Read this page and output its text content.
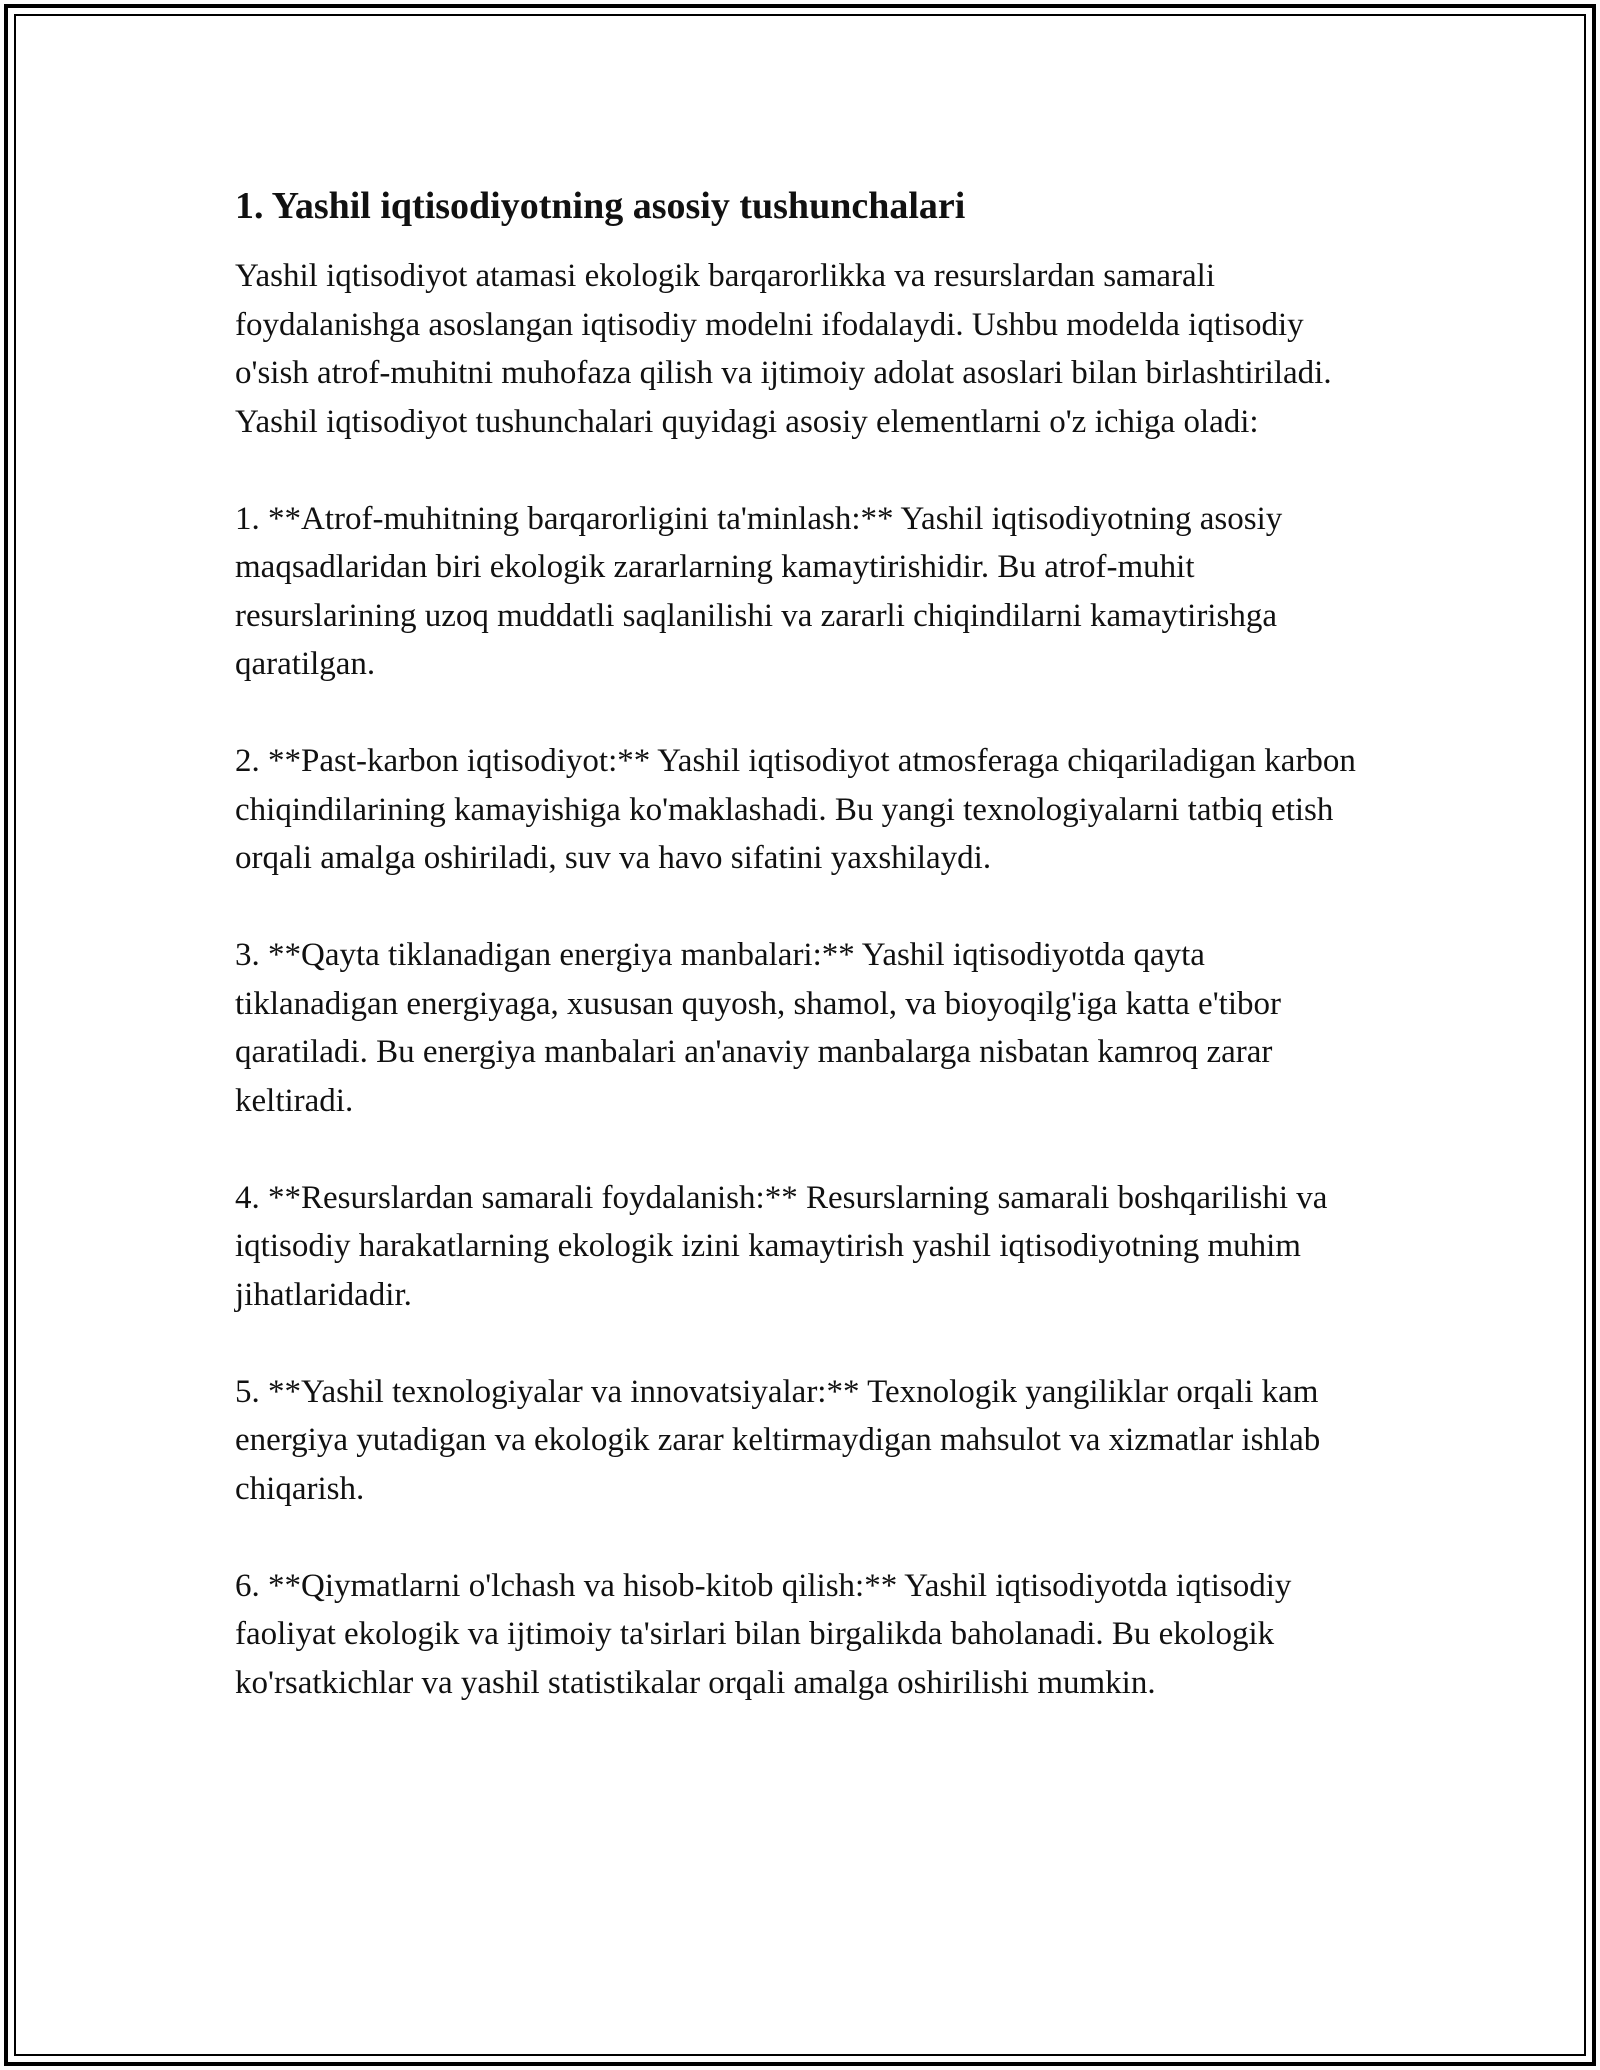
1. Yashil iqtisodiyotning asosiy tushunchalari

Yashil iqtisodiyot atamasi ekologik barqarorlikka va resurslardan samarali foydalanishga asoslangan iqtisodiy modelni ifodalaydi. Ushbu modelda iqtisodiy o'sish atrof-muhitni muhofaza qilish va ijtimoiy adolat asoslari bilan birlashtiriladi. Yashil iqtisodiyot tushunchalari quyidagi asosiy elementlarni o'z ichiga oladi:

1. **Atrof-muhitning barqarorligini ta'minlash:** Yashil iqtisodiyotning asosiy maqsadlaridan biri ekologik zararlarning kamaytirishidir. Bu atrof-muhit resurslarining uzoq muddatli saqlanilishi va zararli chiqindilarni kamaytirishga qaratilgan.

2. **Past-karbon iqtisodiyot:** Yashil iqtisodiyot atmosferaga chiqariladigan karbon chiqindilarining kamayishiga ko'maklashadi. Bu yangi texnologiyalarni tatbiq etish orqali amalga oshiriladi, suv va havo sifatini yaxshilaydi.

3. **Qayta tiklanadigan energiya manbalari:** Yashil iqtisodiyotda qayta tiklanadigan energiyaga, xususan quyosh, shamol, va bioyoqilg'iga katta e'tibor qaratiladi. Bu energiya manbalari an'anaviy manbalarga nisbatan kamroq zarar keltiradi.

4. **Resurslardan samarali foydalanish:** Resurslarning samarali boshqarilishi va iqtisodiy harakatlarning ekologik izini kamaytirish yashil iqtisodiyotning muhim jihatlaridadir.

5. **Yashil texnologiyalar va innovatsiyalar:** Texnologik yangiliklar orqali kam energiya yutadigan va ekologik zarar keltirmaydigan mahsulot va xizmatlar ishlab chiqarish.

6. **Qiymatlarni o'lchash va hisob-kitob qilish:** Yashil iqtisodiyotda iqtisodiy faoliyat ekologik va ijtimoiy ta'sirlari bilan birgalikda baholanadi. Bu ekologik ko'rsatkichlar va yashil statistikalar orqali amalga oshirilishi mumkin.
